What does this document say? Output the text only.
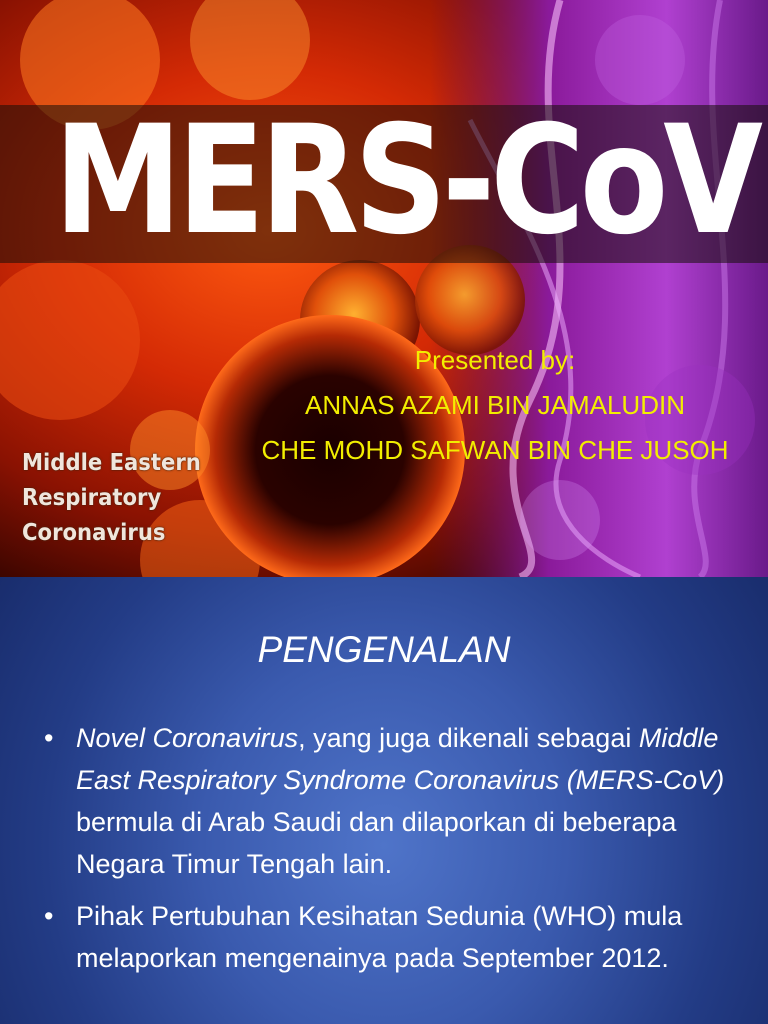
MERS-CoV
Presented by:
ANNAS AZAMI BIN JAMALUDIN
CHE MOHD SAFWAN BIN CHE JUSOH
Middle Eastern
Respiratory
Coronavirus
PENGENALAN
• Novel Coronavirus, yang juga dikenali sebagai Middle East Respiratory Syndrome Coronavirus (MERS-CoV) bermula di Arab Saudi dan dilaporkan di beberapa Negara Timur Tengah lain.
• Pihak Pertubuhan Kesihatan Sedunia (WHO) mula melaporkan mengenainya pada September 2012.
